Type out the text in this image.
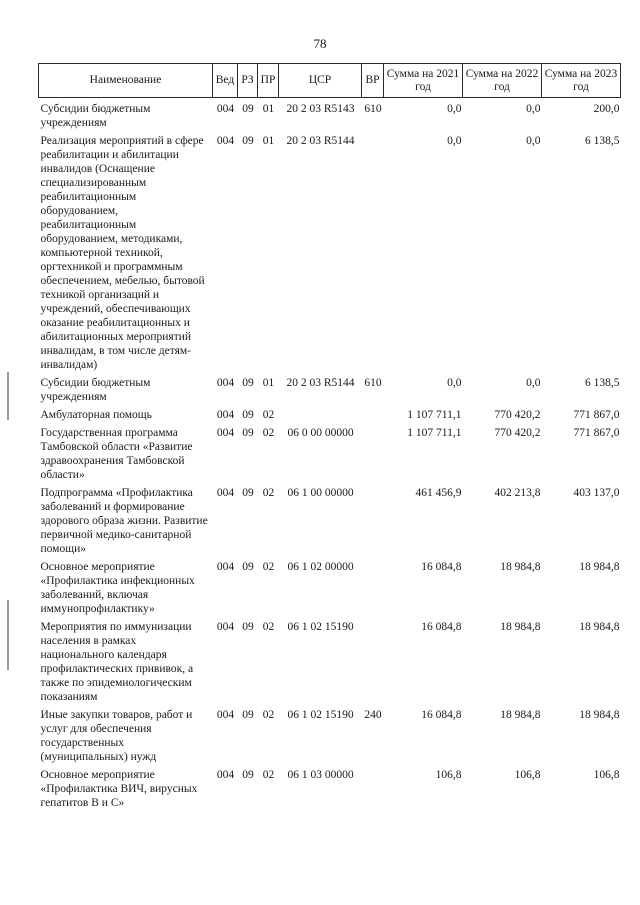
78
Наименование	Вед	РЗ	ПР	ЦСР	ВР	Сумма на 2021 год	Сумма на 2022 год	Сумма на 2023 год
Субсидии бюджетным учреждениям	004	09	01	20 2 03 R5143	610	0,0	0,0	200,0
Реализация мероприятий в сфере реабилитации и абилитации инвалидов (Оснащение специализированным реабилитационным оборудованием, реабилитационным оборудованием, методиками, компьютерной техникой, оргтехникой и программным обеспечением, мебелью, бытовой техникой организаций и учреждений, обеспечивающих оказание реабилитационных и абилитационных мероприятий инвалидам, в том числе детям-инвалидам)	004	09	01	20 2 03 R5144		0,0	0,0	6 138,5
Субсидии бюджетным учреждениям	004	09	01	20 2 03 R5144	610	0,0	0,0	6 138,5
Амбулаторная помощь	004	09	02			1 107 711,1	770 420,2	771 867,0
Государственная программа Тамбовской области «Развитие здравоохранения Тамбовской области»	004	09	02	06 0 00 00000		1 107 711,1	770 420,2	771 867,0
Подпрограмма «Профилактика заболеваний и формирование здорового образа жизни. Развитие первичной медико-санитарной помощи»	004	09	02	06 1 00 00000		461 456,9	402 213,8	403 137,0
Основное мероприятие «Профилактика инфекционных заболеваний, включая иммунопрофилактику»	004	09	02	06 1 02 00000		16 084,8	18 984,8	18 984,8
Мероприятия по иммунизации населения в рамках национального календаря профилактических прививок, а также по эпидемиологическим показаниям	004	09	02	06 1 02 15190		16 084,8	18 984,8	18 984,8
Иные закупки товаров, работ и услуг для обеспечения государственных (муниципальных) нужд	004	09	02	06 1 02 15190	240	16 084,8	18 984,8	18 984,8
Основное мероприятие «Профилактика ВИЧ, вирусных гепатитов В и С»	004	09	02	06 1 03 00000		106,8	106,8	106,8
